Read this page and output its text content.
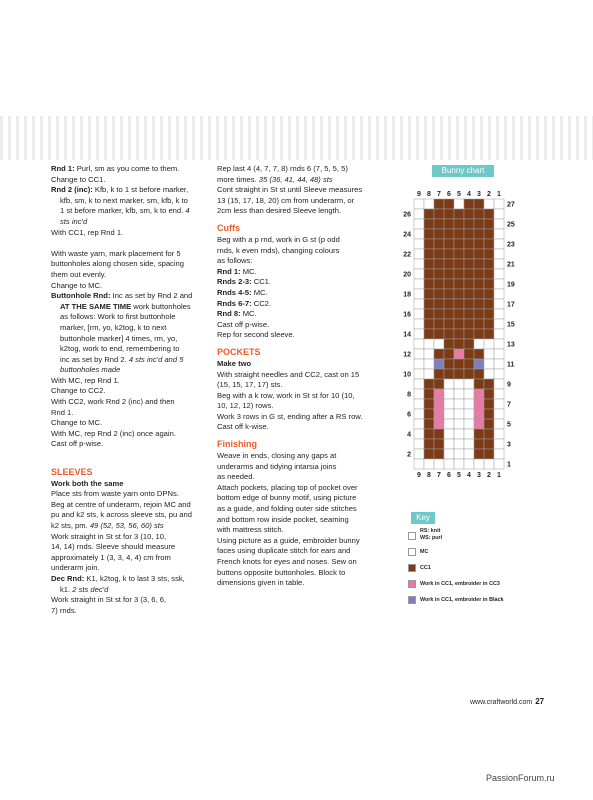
Rnd 1: Purl, sm as you come to them.
Change to CC1.
Rnd 2 (inc): Kfb, k to 1 st before marker,
kfb, sm, k to next marker, sm, kfb, k to
1 st before marker, kfb, sm, k to end. 4
sts inc'd
With CC1, rep Rnd 1.
With waste yarn, mark placement for 5
buttonholes along chosen side, spacing
them out evenly.
Change to MC.
Buttonhole Rnd: Inc as set by Rnd 2 and
AT THE SAME TIME work buttonholes
as follows: Work to first buttonhole
marker, [rm, yo, k2tog, k to next
buttonhole marker] 4 times, rm, yo,
k2tog, work to end, remembering to
inc as set by Rnd 2. 4 sts inc'd and 5
buttonholes made
With MC, rep Rnd 1.
Change to CC2.
With CC2, work Rnd 2 (inc) and then
Rnd 1.
Change to MC.
With MC, rep Rnd 2 (inc) once again.
Cast off p-wise.
SLEEVES
Work both the same
Place sts from waste yarn onto DPNs.
Beg at centre of underarm, rejoin MC and
pu and k2 sts, k across sleeve sts, pu and
k2 sts, pm. 49 (52, 53, 56, 60) sts
Work straight in St st for 3 (10, 10,
14, 14) rnds. Sleeve should measure
approximately 1 (3, 3, 4, 4) cm from
underarm join.
Dec Rnd: K1, k2tog, k to last 3 sts, ssk,
k1. 2 sts dec'd
Work straight in St st for 3 (3, 6, 6,
7) rnds.
Rep last 4 (4, 7, 7, 8) rnds 6 (7, 5, 5, 5)
more times. 35 (36, 41, 44, 48) sts
Cont straight in St st until Sleeve measures
13 (15, 17, 18, 20) cm from underarm, or
2cm less than desired Sleeve length.
Cuffs
Beg with a p rnd, work in G st (p odd
rnds, k even rnds), changing colours
as follows:
Rnd 1: MC.
Rnds 2-3: CC1.
Rnds 4-5: MC.
Rnds 6-7: CC2.
Rnd 8: MC.
Cast off p-wise.
Rep for second sleeve.
POCKETS
Make two
With straight needles and CC2, cast on 15
(15, 15, 17, 17) sts.
Beg with a k row, work in St st for 10 (10,
10, 12, 12) rows.
Work 3 rows in G st, ending after a RS row.
Cast off k-wise.
Finishing
Weave in ends, closing any gaps at
underarms and tidying intarsia joins
as needed.
Attach pockets, placing top of pocket over
bottom edge of bunny motif, using picture
as a guide, and folding outer side stitches
and bottom row inside pocket, seaming
with mattress stitch.
Using picture as a guide, embroider bunny
faces using duplicate stitch for ears and
French knots for eyes and noses. Sew on
buttons opposite buttonholes. Block to
dimensions given in table.
Bunny chart
9
9
8
8
7
7
6
6
5
5
4
4
3
3
2
2
1
1
1
2
3
4
5
6
7
8
9
10
11
12
13
14
15
16
17
18
19
20
21
22
23
24
25
26
27
Key
RS: knit
WS: purl
MC
CC1
Work in CC1, embroider in CC3
Work in CC1, embroider in Black
www.craftworld.com 27
PassionForum.ru
